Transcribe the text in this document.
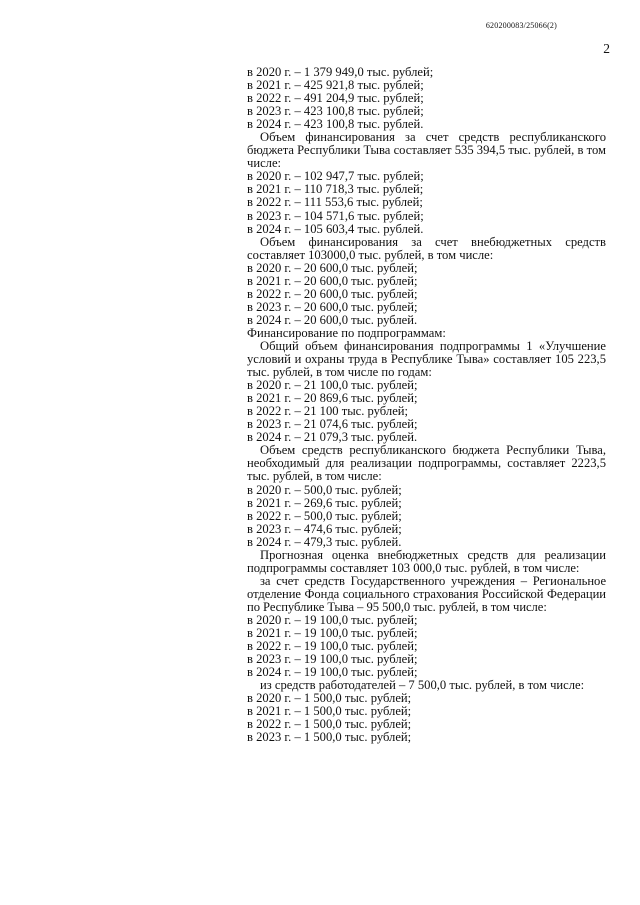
620200083/25066(2)
2
в 2020 г. – 1 379 949,0 тыс. рублей;
в 2021 г. – 425 921,8 тыс. рублей;
в 2022 г. – 491 204,9 тыс. рублей;
в 2023 г. – 423 100,8 тыс. рублей;
в 2024 г. – 423 100,8 тыс. рублей.
Объем финансирования за счет средств республиканского бюджета Республики Тыва составляет 535 394,5 тыс. рублей, в том числе:
в 2020 г. – 102 947,7 тыс. рублей;
в 2021 г. – 110 718,3 тыс. рублей;
в 2022 г. – 111 553,6 тыс. рублей;
в 2023 г. – 104 571,6 тыс. рублей;
в 2024 г. – 105 603,4 тыс. рублей.
Объем финансирования за счет внебюджетных средств составляет 103000,0 тыс. рублей, в том числе:
в 2020 г. – 20 600,0 тыс. рублей;
в 2021 г. – 20 600,0 тыс. рублей;
в 2022 г. – 20 600,0 тыс. рублей;
в 2023 г. – 20 600,0 тыс. рублей;
в 2024 г. – 20 600,0 тыс. рублей.
Финансирование по подпрограммам:
Общий объем финансирования подпрограммы 1 «Улучшение условий и охраны труда в Республике Тыва» составляет 105 223,5 тыс. рублей, в том числе по годам:
в 2020 г. – 21 100,0 тыс. рублей;
в 2021 г. – 20 869,6 тыс. рублей;
в 2022 г. – 21 100 тыс. рублей;
в 2023 г. – 21 074,6 тыс. рублей;
в 2024 г. – 21 079,3 тыс. рублей.
Объем средств республиканского бюджета Республики Тыва, необходимый для реализации подпрограммы, составляет 2223,5 тыс. рублей, в том числе:
в 2020 г. – 500,0 тыс. рублей;
в 2021 г. – 269,6 тыс. рублей;
в 2022 г. – 500,0 тыс. рублей;
в 2023 г. – 474,6 тыс. рублей;
в 2024 г. – 479,3 тыс. рублей.
Прогнозная оценка внебюджетных средств для реализации подпрограммы составляет 103 000,0 тыс. рублей, в том числе:
за счет средств Государственного учреждения – Региональное отделение Фонда социального страхования Российской Федерации по Республике Тыва – 95 500,0 тыс. рублей, в том числе:
в 2020 г. – 19 100,0 тыс. рублей;
в 2021 г. – 19 100,0 тыс. рублей;
в 2022 г. – 19 100,0 тыс. рублей;
в 2023 г. – 19 100,0 тыс. рублей;
в 2024 г. – 19 100,0 тыс. рублей;
из средств работодателей – 7 500,0 тыс. рублей, в том числе:
в 2020 г. – 1 500,0 тыс. рублей;
в 2021 г. – 1 500,0 тыс. рублей;
в 2022 г. – 1 500,0 тыс. рублей;
в 2023 г. – 1 500,0 тыс. рублей;
